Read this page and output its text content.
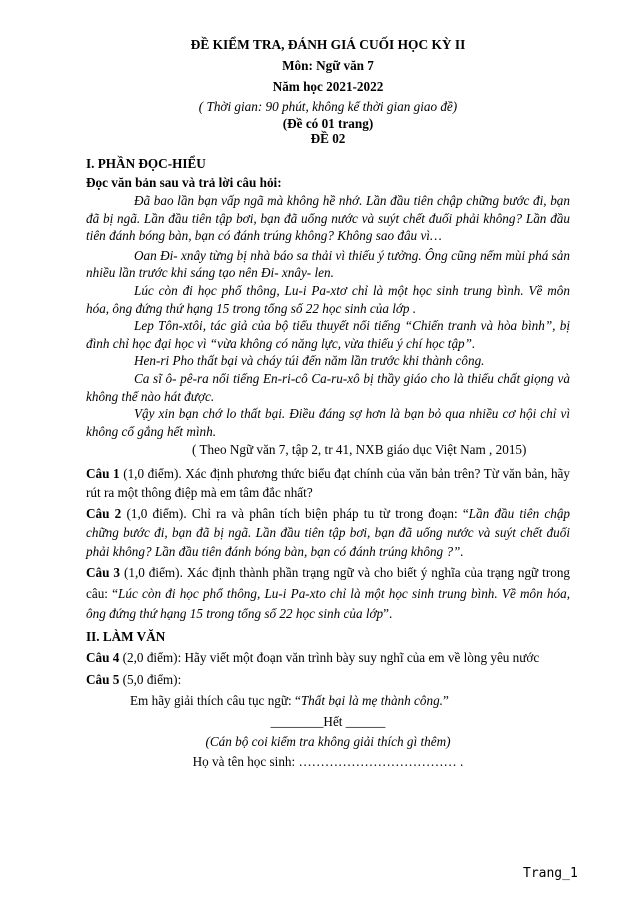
ĐỀ KIỂM TRA, ĐÁNH GIÁ CUỐI HỌC KỲ II
Môn: Ngữ văn 7
Năm học 2021-2022
( Thời gian: 90 phút, không kể thời gian giao đề)
(Đề có 01 trang)
ĐỀ 02
I. PHẦN ĐỌC-HIỂU
Đọc văn bản sau và trả lời câu hỏi:

Đã bao lần bạn vấp ngã mà không hề nhớ. Lần đầu tiên chập chững bước đi, bạn đã bị ngã. Lần đầu tiên tập bơi, bạn đã uống nước và suýt chết đuối phải không? Lần đầu tiên đánh bóng bàn, bạn có đánh trúng không? Không sao đâu vì…

Oan Đi- xnây từng bị nhà báo sa thải vì thiếu ý tưởng. Ông cũng nếm mùi phá sản nhiều lần trước khi sáng tạo nên Đi- xnây- len.

Lúc còn đi học phổ thông, Lu-i Pa-xtơ chỉ là một học sinh trung bình. Về môn hóa, ông đứng thứ hạng 15 trong tổng số 22 học sinh của lớp .

Lep Tôn-xtôi, tác giả của bộ tiểu thuyết nổi tiếng “Chiến tranh và hòa bình”, bị đình chỉ học đại học vì “vừa không có năng lực, vừa thiếu ý chí học tập”.

Hen-ri Pho thất bại và cháy túi đến năm lần trước khi thành công.

Ca sĩ ô- pê-ra nổi tiếng En-ri-cô Ca-ru-xô bị thầy giáo cho là thiếu chất giọng và không thể nào hát được.

Vậy xin bạn chớ lo thất bại. Điều đáng sợ hơn là bạn bỏ qua nhiều cơ hội chỉ vì không cố gắng hết mình.

( Theo Ngữ văn 7, tập 2, tr 41, NXB giáo dục Việt Nam , 2015)

Câu 1 (1,0 điểm). Xác định phương thức biểu đạt chính của văn bản trên? Từ văn bản, hãy rút ra một thông điệp mà em tâm đắc nhất?

Câu 2 (1,0 điểm). Chỉ ra và phân tích biện pháp tu từ trong đoạn: “Lần đầu tiên chập chững bước đi, bạn đã bị ngã. Lần đầu tiên tập bơi, bạn đã uống nước và suýt chết đuối phải không? Lần đầu tiên đánh bóng bàn, bạn có đánh trúng không ?”.

Câu 3 (1,0 điểm). Xác định thành phần trạng ngữ và cho biết ý nghĩa của trạng ngữ trong câu: “Lúc còn đi học phổ thông, Lu-i Pa-xto chỉ là một học sinh trung bình. Về môn hóa, ông đứng thứ hạng 15 trong tổng số 22 học sinh của lớp”.

II. LÀM VĂN

Câu 4 (2,0 điểm): Hãy viết một đoạn văn trình bày suy nghĩ của em về lòng yêu nước

Câu 5 (5,0 điểm):

Em hãy giải thích câu tục ngữ: “Thất bại là mẹ thành công.”
________Hết ______
(Cán bộ coi kiểm tra không giải thích gì thêm)
Họ và tên học sinh: ……………………………… .
Trang_1
